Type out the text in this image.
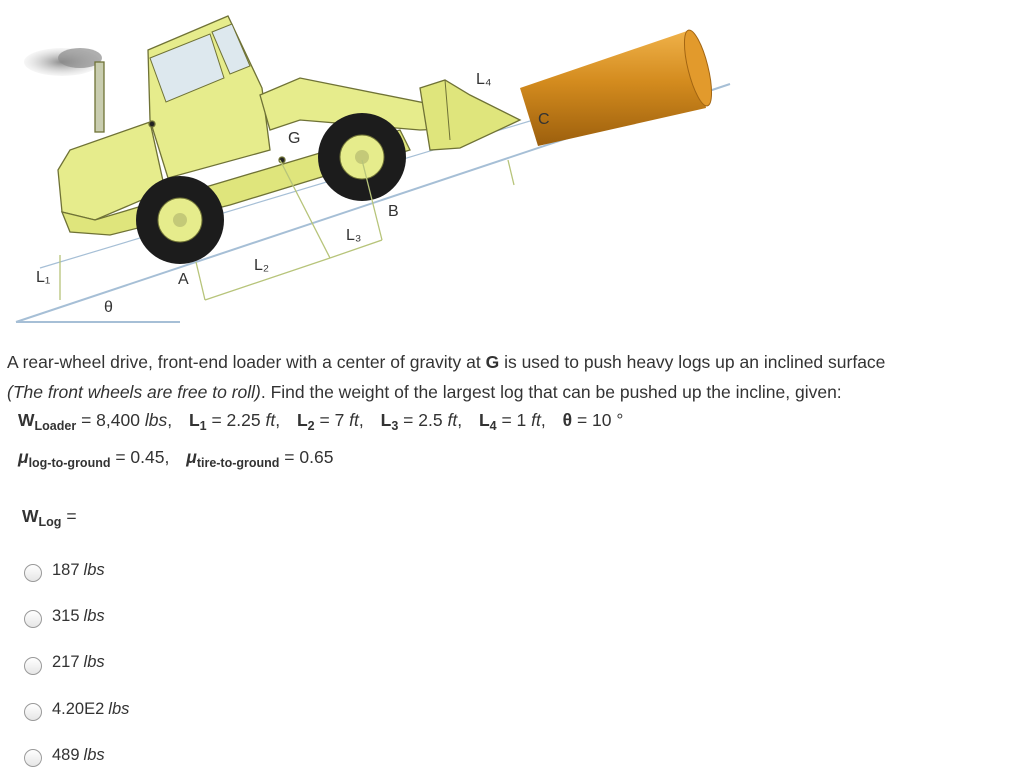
G
A
B
C
L₁
L₂
L₃
L₄
θ
A rear-wheel drive, front-end loader with a center of gravity at G is used to push heavy logs up an inclined surface
(The front wheels are free to roll). Find the weight of the largest log that can be pushed up the incline, given:
$W_{Loader} = 8,400$ lbs, $L_1 = 2.25$ ft, $L_2 = 7$ ft, $L_3 = 2.5$ ft, $L_4 = 1$ ft, θ = 10 °
$\mu_{log-to-ground} = 0.45$, $\mu_{tire-to-ground} = 0.65$
$W_{Log}$ =
187 lbs
315 lbs
217 lbs
4.20E2 lbs
489 lbs
